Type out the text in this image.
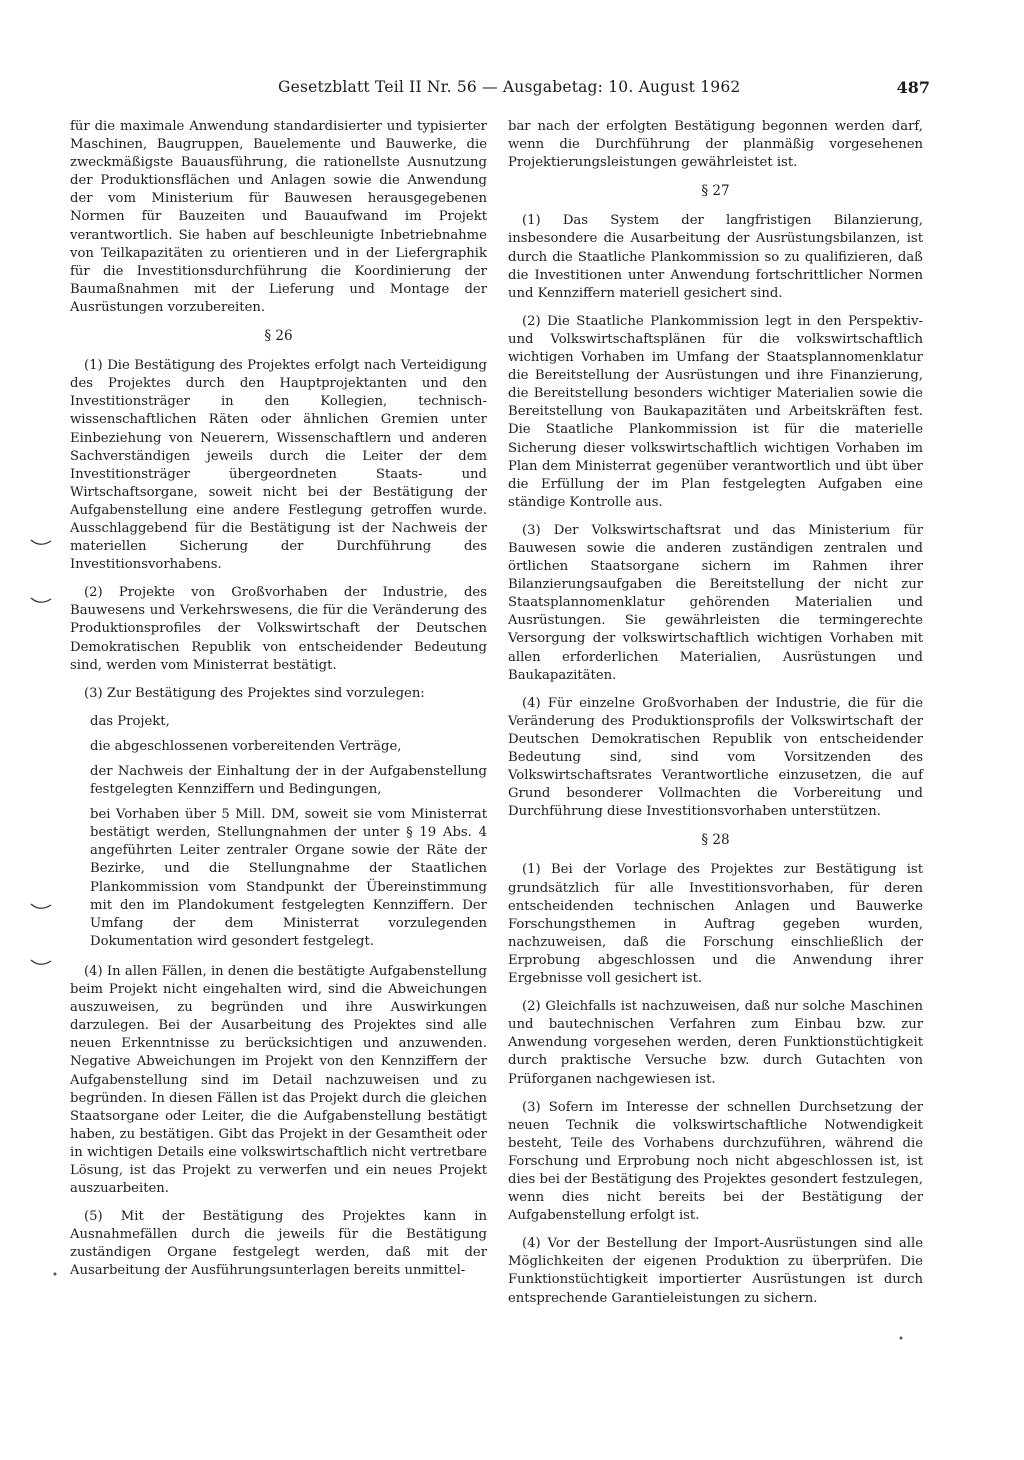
Gesetzblatt Teil II Nr. 56 — Ausgabetag: 10. August 1962	487

für die maximale Anwendung standardisierter und typisierter Maschinen, Baugruppen, Bauelemente und Bauwerke, die zweckmäßigste Bauausführung, die rationellste Ausnutzung der Produktionsflächen und Anlagen sowie die Anwendung der vom Ministerium für Bauwesen herausgegebenen Normen für Bauzeiten und Bauaufwand im Projekt verantwortlich. Sie haben auf beschleunigte Inbetriebnahme von Teilkapazitäten zu orientieren und in der Liefergraphik für die Investitionsdurchführung die Koordinierung der Baumaßnahmen mit der Lieferung und Montage der Ausrüstungen vorzubereiten.

§ 26

(1) Die Bestätigung des Projektes erfolgt nach Verteidigung des Projektes durch den Hauptprojektanten und den Investitionsträger in den Kollegien, technisch-wissenschaftlichen Räten oder ähnlichen Gremien unter Einbeziehung von Neuerern, Wissenschaftlern und anderen Sachverständigen jeweils durch die Leiter der dem Investitionsträger übergeordneten Staats- und Wirtschaftsorgane, soweit nicht bei der Bestätigung der Aufgabenstellung eine andere Festlegung getroffen wurde. Ausschlaggebend für die Bestätigung ist der Nachweis der materiellen Sicherung der Durchführung des Investitionsvorhabens.

(2) Projekte von Großvorhaben der Industrie, des Bauwesens und Verkehrswesens, die für die Veränderung des Produktionsprofiles der Volkswirtschaft der Deutschen Demokratischen Republik von entscheidender Bedeutung sind, werden vom Ministerrat bestätigt.

(3) Zur Bestätigung des Projektes sind vorzulegen:

das Projekt,

die abgeschlossenen vorbereitenden Verträge,

der Nachweis der Einhaltung der in der Aufgabenstellung festgelegten Kennziffern und Bedingungen,

bei Vorhaben über 5 Mill. DM, soweit sie vom Ministerrat bestätigt werden, Stellungnahmen der unter § 19 Abs. 4 angeführten Leiter zentraler Organe sowie der Räte der Bezirke, und die Stellungnahme der Staatlichen Plankommission vom Standpunkt der Übereinstimmung mit den im Plandokument festgelegten Kennziffern. Der Umfang der dem Ministerrat vorzulegenden Dokumentation wird gesondert festgelegt.

(4) In allen Fällen, in denen die bestätigte Aufgabenstellung beim Projekt nicht eingehalten wird, sind die Abweichungen auszuweisen, zu begründen und ihre Auswirkungen darzulegen. Bei der Ausarbeitung des Projektes sind alle neuen Erkenntnisse zu berücksichtigen und anzuwenden. Negative Abweichungen im Projekt von den Kennziffern der Aufgabenstellung sind im Detail nachzuweisen und zu begründen. In diesen Fällen ist das Projekt durch die gleichen Staatsorgane oder Leiter, die die Aufgabenstellung bestätigt haben, zu bestätigen. Gibt das Projekt in der Gesamtheit oder in wichtigen Details eine volkswirtschaftlich nicht vertretbare Lösung, ist das Projekt zu verwerfen und ein neues Projekt auszuarbeiten.

(5) Mit der Bestätigung des Projektes kann in Ausnahmefällen durch die jeweils für die Bestätigung zuständigen Organe festgelegt werden, daß mit der Ausarbeitung der Ausführungsunterlagen bereits unmittel-

bar nach der erfolgten Bestätigung begonnen werden darf, wenn die Durchführung der planmäßig vorgesehenen Projektierungsleistungen gewährleistet ist.

§ 27

(1) Das System der langfristigen Bilanzierung, insbesondere die Ausarbeitung der Ausrüstungsbilanzen, ist durch die Staatliche Plankommission so zu qualifizieren, daß die Investitionen unter Anwendung fortschrittlicher Normen und Kennziffern materiell gesichert sind.

(2) Die Staatliche Plankommission legt in den Perspektiv- und Volkswirtschaftsplänen für die volkswirtschaftlich wichtigen Vorhaben im Umfang der Staatsplannomenklatur die Bereitstellung der Ausrüstungen und ihre Finanzierung, die Bereitstellung besonders wichtiger Materialien sowie die Bereitstellung von Baukapazitäten und Arbeitskräften fest. Die Staatliche Plankommission ist für die materielle Sicherung dieser volkswirtschaftlich wichtigen Vorhaben im Plan dem Ministerrat gegenüber verantwortlich und übt über die Erfüllung der im Plan festgelegten Aufgaben eine ständige Kontrolle aus.

(3) Der Volkswirtschaftsrat und das Ministerium für Bauwesen sowie die anderen zuständigen zentralen und örtlichen Staatsorgane sichern im Rahmen ihrer Bilanzierungsaufgaben die Bereitstellung der nicht zur Staatsplannomenklatur gehörenden Materialien und Ausrüstungen. Sie gewährleisten die termingerechte Versorgung der volkswirtschaftlich wichtigen Vorhaben mit allen erforderlichen Materialien, Ausrüstungen und Baukapazitäten.

(4) Für einzelne Großvorhaben der Industrie, die für die Veränderung des Produktionsprofils der Volkswirtschaft der Deutschen Demokratischen Republik von entscheidender Bedeutung sind, sind vom Vorsitzenden des Volkswirtschaftsrates Verantwortliche einzusetzen, die auf Grund besonderer Vollmachten die Vorbereitung und Durchführung diese Investitionsvorhaben unterstützen.

§ 28

(1) Bei der Vorlage des Projektes zur Bestätigung ist grundsätzlich für alle Investitionsvorhaben, für deren entscheidenden technischen Anlagen und Bauwerke Forschungsthemen in Auftrag gegeben wurden, nachzuweisen, daß die Forschung einschließlich der Erprobung abgeschlossen und die Anwendung ihrer Ergebnisse voll gesichert ist.

(2) Gleichfalls ist nachzuweisen, daß nur solche Maschinen und bautechnischen Verfahren zum Einbau bzw. zur Anwendung vorgesehen werden, deren Funktionstüchtigkeit durch praktische Versuche bzw. durch Gutachten von Prüforganen nachgewiesen ist.

(3) Sofern im Interesse der schnellen Durchsetzung der neuen Technik die volkswirtschaftliche Notwendigkeit besteht, Teile des Vorhabens durchzuführen, während die Forschung und Erprobung noch nicht abgeschlossen ist, ist dies bei der Bestätigung des Projektes gesondert festzulegen, wenn dies nicht bereits bei der Bestätigung der Aufgabenstellung erfolgt ist.

(4) Vor der Bestellung der Import-Ausrüstungen sind alle Möglichkeiten der eigenen Produktion zu überprüfen. Die Funktionstüchtigkeit importierter Ausrüstungen ist durch entsprechende Garantieleistungen zu sichern.
